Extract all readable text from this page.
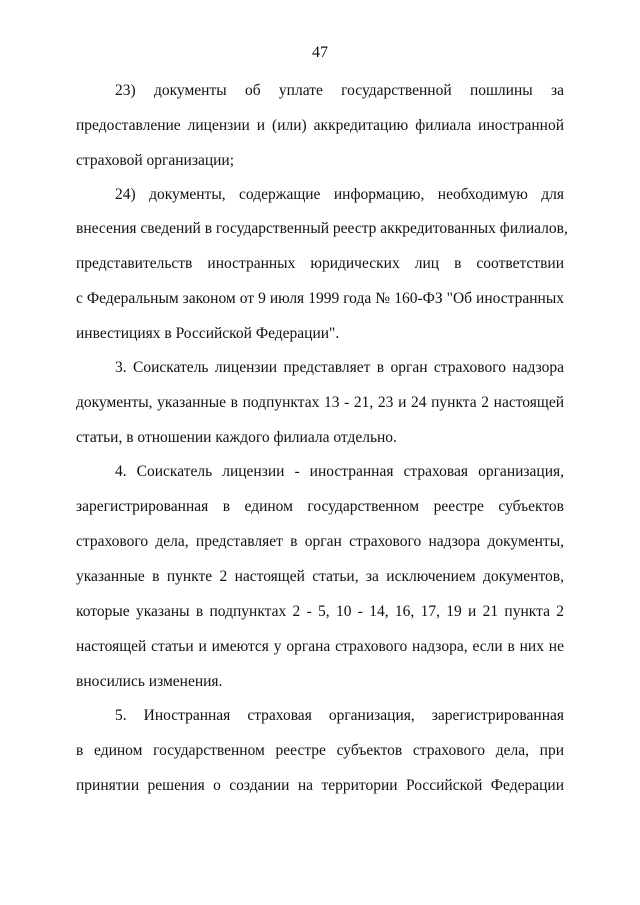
47
23) документы об уплате государственной пошлины за
предоставление лицензии и (или) аккредитацию филиала иностранной
страховой организации;
24) документы, содержащие информацию, необходимую для
внесения сведений в государственный реестр аккредитованных филиалов,
представительств иностранных юридических лиц в соответствии
с Федеральным законом от 9 июля 1999 года № 160-ФЗ "Об иностранных
инвестициях в Российской Федерации".
3. Соискатель лицензии представляет в орган страхового надзора
документы, указанные в подпунктах 13 - 21, 23 и 24 пункта 2 настоящей
статьи, в отношении каждого филиала отдельно.
4. Соискатель лицензии - иностранная страховая организация,
зарегистрированная в едином государственном реестре субъектов
страхового дела, представляет в орган страхового надзора документы,
указанные в пункте 2 настоящей статьи, за исключением документов,
которые указаны в подпунктах 2 - 5, 10 - 14, 16, 17, 19 и 21 пункта 2
настоящей статьи и имеются у органа страхового надзора, если в них не
вносились изменения.
5. Иностранная страховая организация, зарегистрированная
в едином государственном реестре субъектов страхового дела, при
принятии решения о создании на территории Российской Федерации
